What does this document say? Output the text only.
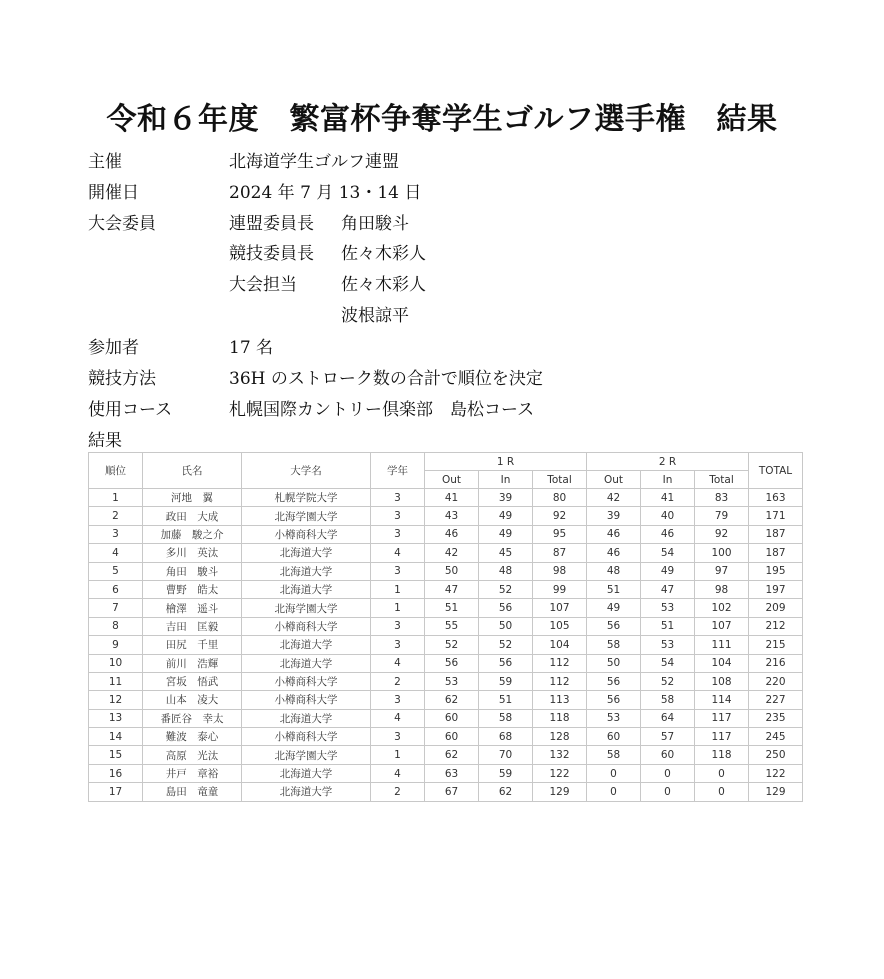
令和６年度　繁富杯争奪学生ゴルフ選手権　結果
主催	北海道学生ゴルフ連盟
開催日	2024 年 7 月 13・14 日
大会委員	連盟委員長 角田駿斗
競技委員長 佐々木彩人
大会担当	佐々木彩人
波根諒平
参加者	17 名
競技方法	36H のストローク数の合計で順位を決定
使用コース	札幌国際カントリー倶楽部　島松コース
結果
順位	氏名	大学名	学年	1 R			2 R			TOTAL
				Out	In	Total	Out	In	Total	
1	河地　翼	札幌学院大学	3	41	39	80	42	41	83	163
2	政田　大成	北海学園大学	3	43	49	92	39	40	79	171
3	加藤　駿之介	小樽商科大学	3	46	49	95	46	46	92	187
4	多川　英汰	北海道大学	4	42	45	87	46	54	100	187
5	角田　駿斗	北海道大学	3	50	48	98	48	49	97	195
6	曹野　皓太	北海道大学	1	47	52	99	51	47	98	197
7	檜澤　遥斗	北海学園大学	1	51	56	107	49	53	102	209
8	吉田　匡毅	小樽商科大学	3	55	50	105	56	51	107	212
9	田尻　千里	北海道大学	3	52	52	104	58	53	111	215
10	前川　浩輝	北海道大学	4	56	56	112	50	54	104	216
11	宮坂　悟武	小樽商科大学	2	53	59	112	56	52	108	220
12	山本　凌大	小樽商科大学	3	62	51	113	56	58	114	227
13	番匠谷　幸太	北海道大学	4	60	58	118	53	64	117	235
14	難波　泰心	小樽商科大学	3	60	68	128	60	57	117	245
15	高原　光汰	北海学園大学	1	62	70	132	58	60	118	250
16	井戸　章裕	北海道大学	4	63	59	122	0	0	0	122
17	島田　竜童	北海道大学	2	67	62	129	0	0	0	129
